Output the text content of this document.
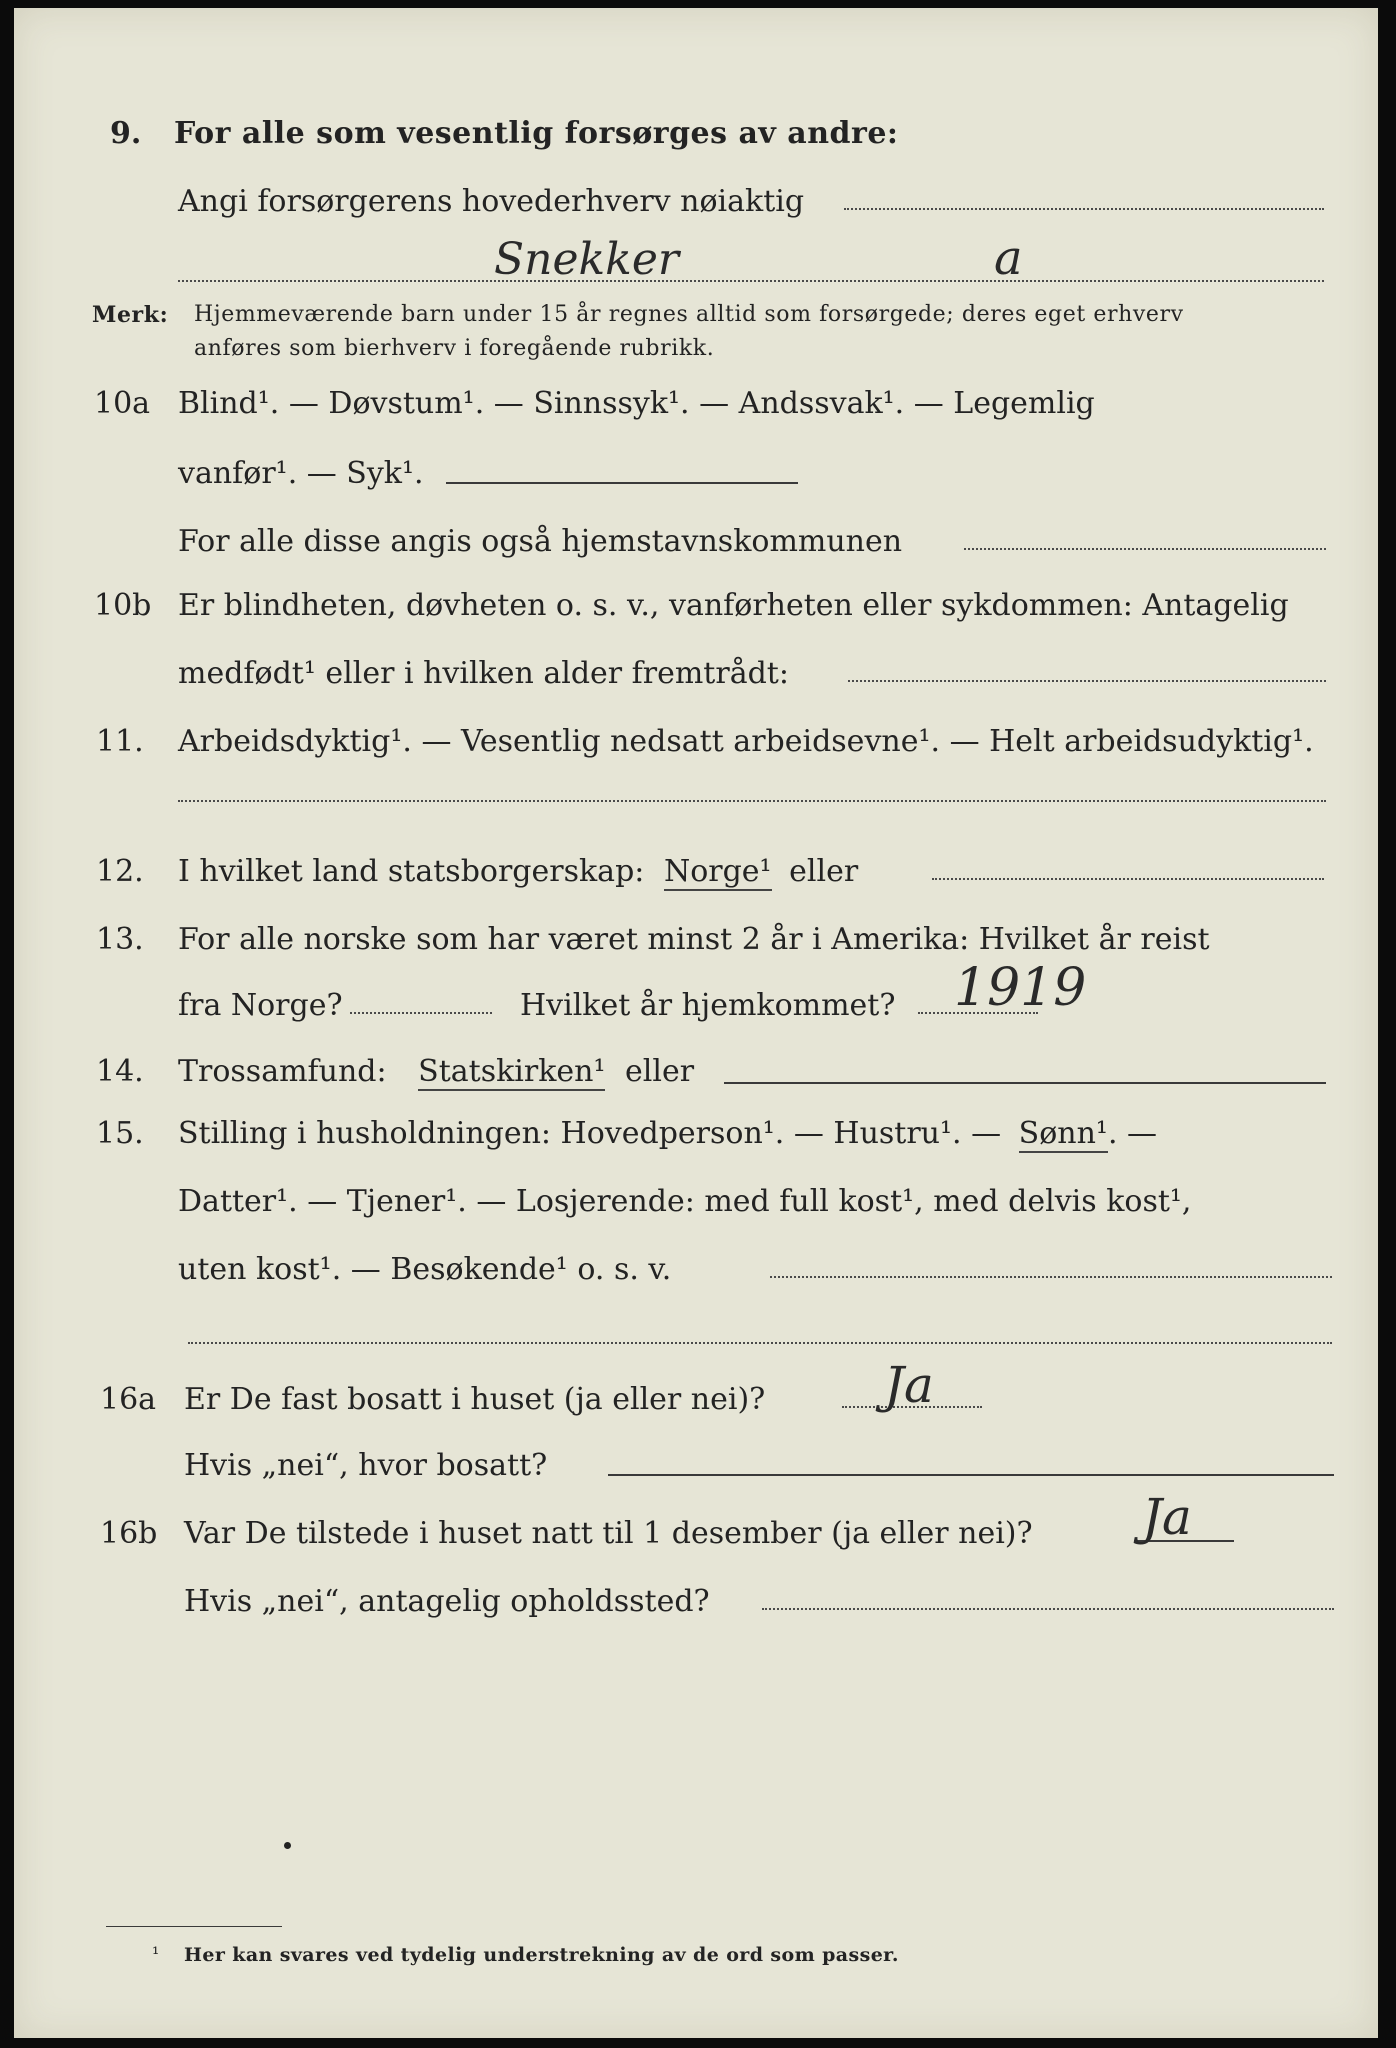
9. For alle som vesentlig forsørges av andre:
Angi forsørgerens hovederhverv nøiaktig
Snekker	a
Merk: Hjemmeværende barn under 15 år regnes alltid som forsørgede; deres eget erhverv
anføres som bierhverv i foregående rubrikk.
10a Blind¹. — Døvstum¹. — Sinnssyk¹. — Andssvak¹. — Legemlig
vanfør¹. — Syk¹.
For alle disse angis også hjemstavnskommunen
10b Er blindheten, døvheten o. s. v., vanførheten eller sykdommen: Antagelig
medfødt¹ eller i hvilken alder fremtrådt:
11. Arbeidsdyktig¹. — Vesentlig nedsatt arbeidsevne¹. — Helt arbeidsudyktig¹.
12. I hvilket land statsborgerskap: Norge¹ eller
13. For alle norske som har været minst 2 år i Amerika: Hvilket år reist
fra Norge?	Hvilket år hjemkommet? 1919
14. Trossamfund: Statskirken¹ eller
15. Stilling i husholdningen: Hovedperson¹. — Hustru¹. — Sønn¹. —
Datter¹. — Tjener¹. — Losjerende: med full kost¹, med delvis kost¹,
uten kost¹. — Besøkende¹ o. s. v.
16a Er De fast bosatt i huset (ja eller nei)? Ja
Hvis „nei“, hvor bosatt?
16b Var De tilstede i huset natt til 1 desember (ja eller nei)? Ja
Hvis „nei“, antagelig opholdssted?
¹ Her kan svares ved tydelig understrekning av de ord som passer.
